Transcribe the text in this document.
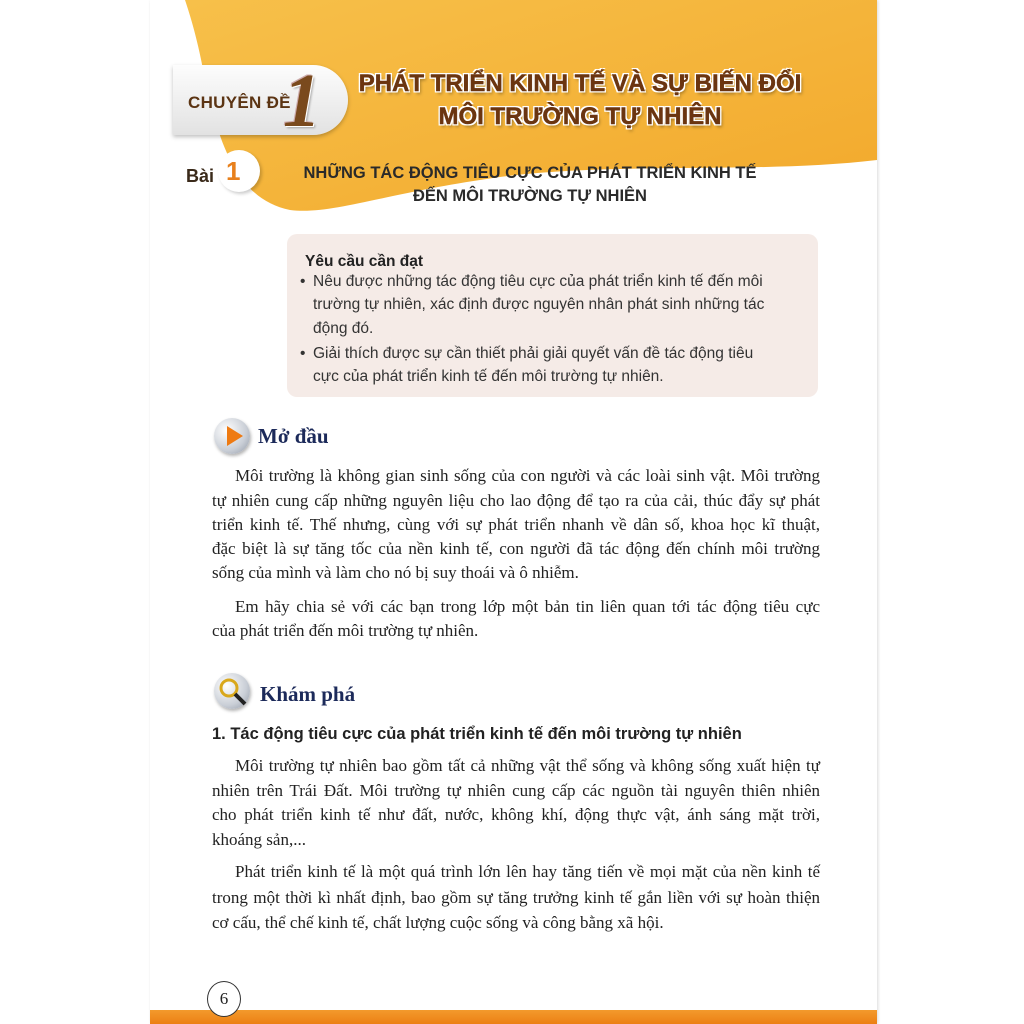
CHUYÊN ĐỀ
1	PHÁT TRIỂN KINH TẾ VÀ SỰ BIẾN ĐỔI
MÔI TRƯỜNG TỰ NHIÊN
Bài 1	NHỮNG TÁC ĐỘNG TIÊU CỰC CỦA PHÁT TRIỂN KINH TẾ
ĐẾN MÔI TRƯỜNG TỰ NHIÊN
Yêu cầu cần đạt
• Nêu được những tác động tiêu cực của phát triển kinh tế đến môi
trường tự nhiên, xác định được nguyên nhân phát sinh những tác
động đó.
• Giải thích được sự cần thiết phải giải quyết vấn đề tác động tiêu
cực của phát triển kinh tế đến môi trường tự nhiên.
Mở đầu
Môi trường là không gian sinh sống của con người và các loài sinh vật. Môi trường
tự nhiên cung cấp những nguyên liệu cho lao động để tạo ra của cải, thúc đẩy sự phát
triển kinh tế. Thế nhưng, cùng với sự phát triển nhanh về dân số, khoa học kĩ thuật,
đặc biệt là sự tăng tốc của nền kinh tế, con người đã tác động đến chính môi trường
sống của mình và làm cho nó bị suy thoái và ô nhiễm.
Em hãy chia sẻ với các bạn trong lớp một bản tin liên quan tới tác động tiêu cực
của phát triển đến môi trường tự nhiên.
Khám phá
1. Tác động tiêu cực của phát triển kinh tế đến môi trường tự nhiên
Môi trường tự nhiên bao gồm tất cả những vật thể sống và không sống xuất hiện tự
nhiên trên Trái Đất. Môi trường tự nhiên cung cấp các nguồn tài nguyên thiên nhiên
cho phát triển kinh tế như đất, nước, không khí, động thực vật, ánh sáng mặt trời,
khoáng sản,...
Phát triển kinh tế là một quá trình lớn lên hay tăng tiến về mọi mặt của nền kinh tế
trong một thời kì nhất định, bao gồm sự tăng trưởng kinh tế gắn liền với sự hoàn thiện
cơ cấu, thể chế kinh tế, chất lượng cuộc sống và công bằng xã hội.
6
